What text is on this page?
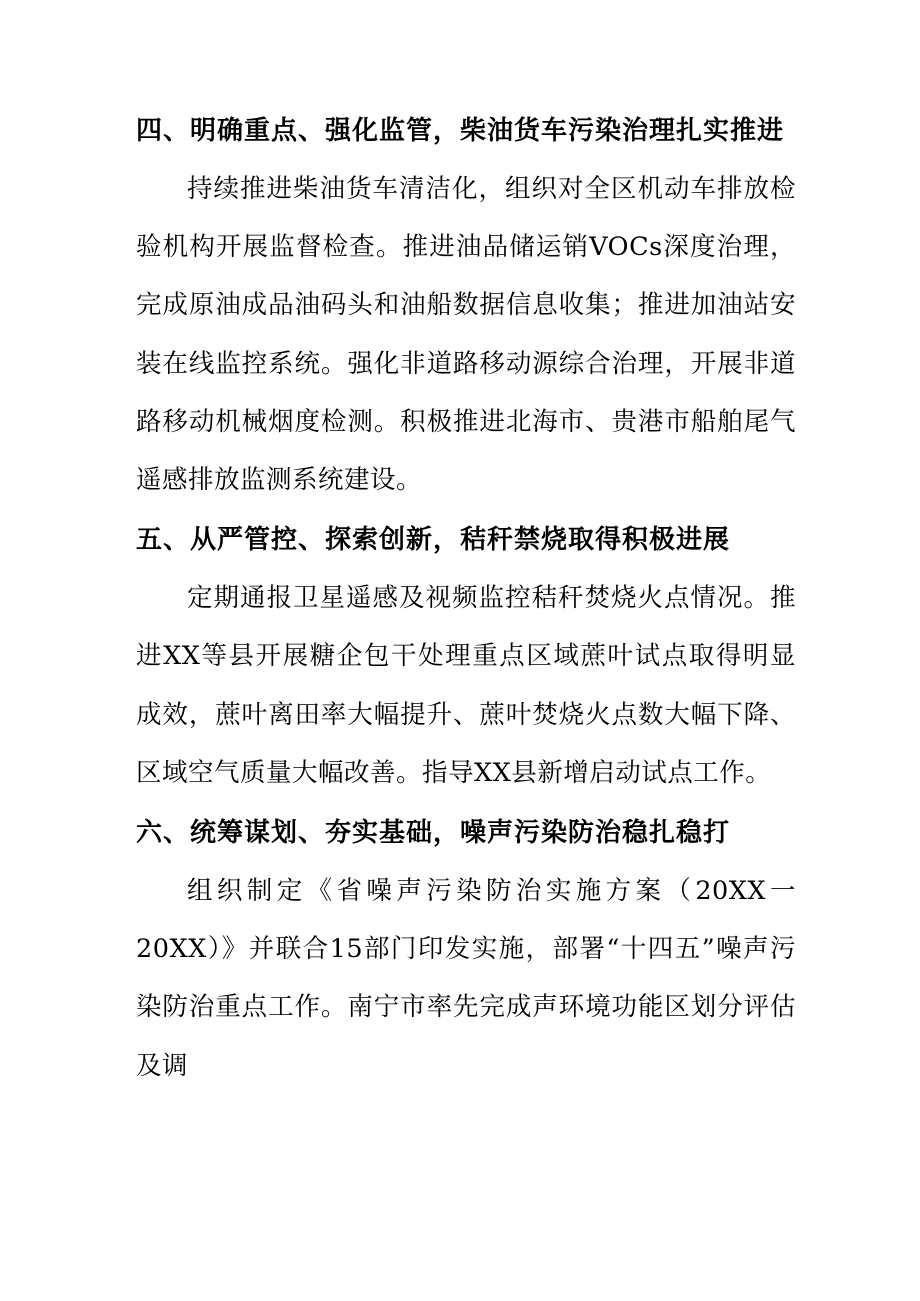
四、明确重点、强化监管，柴油货车污染治理扎实推进

持续推进柴油货车清洁化，组织对全区机动车排放检验机构开展监督检查。推进油品储运销VOCs深度治理，完成原油成品油码头和油船数据信息收集；推进加油站安装在线监控系统。强化非道路移动源综合治理，开展非道路移动机械烟度检测。积极推进北海市、贵港市船舶尾气遥感排放监测系统建设。

五、从严管控、探索创新，秸秆禁烧取得积极进展

定期通报卫星遥感及视频监控秸秆焚烧火点情况。推进XX等县开展糖企包干处理重点区域蔗叶试点取得明显成效，蔗叶离田率大幅提升、蔗叶焚烧火点数大幅下降、区域空气质量大幅改善。指导XX县新增启动试点工作。

六、统筹谋划、夯实基础，噪声污染防治稳扎稳打

组织制定《省噪声污染防治实施方案（20XX一20XX）》并联合15部门印发实施，部署“十四五”噪声污染防治重点工作。南宁市率先完成声环境功能区划分评估及调
